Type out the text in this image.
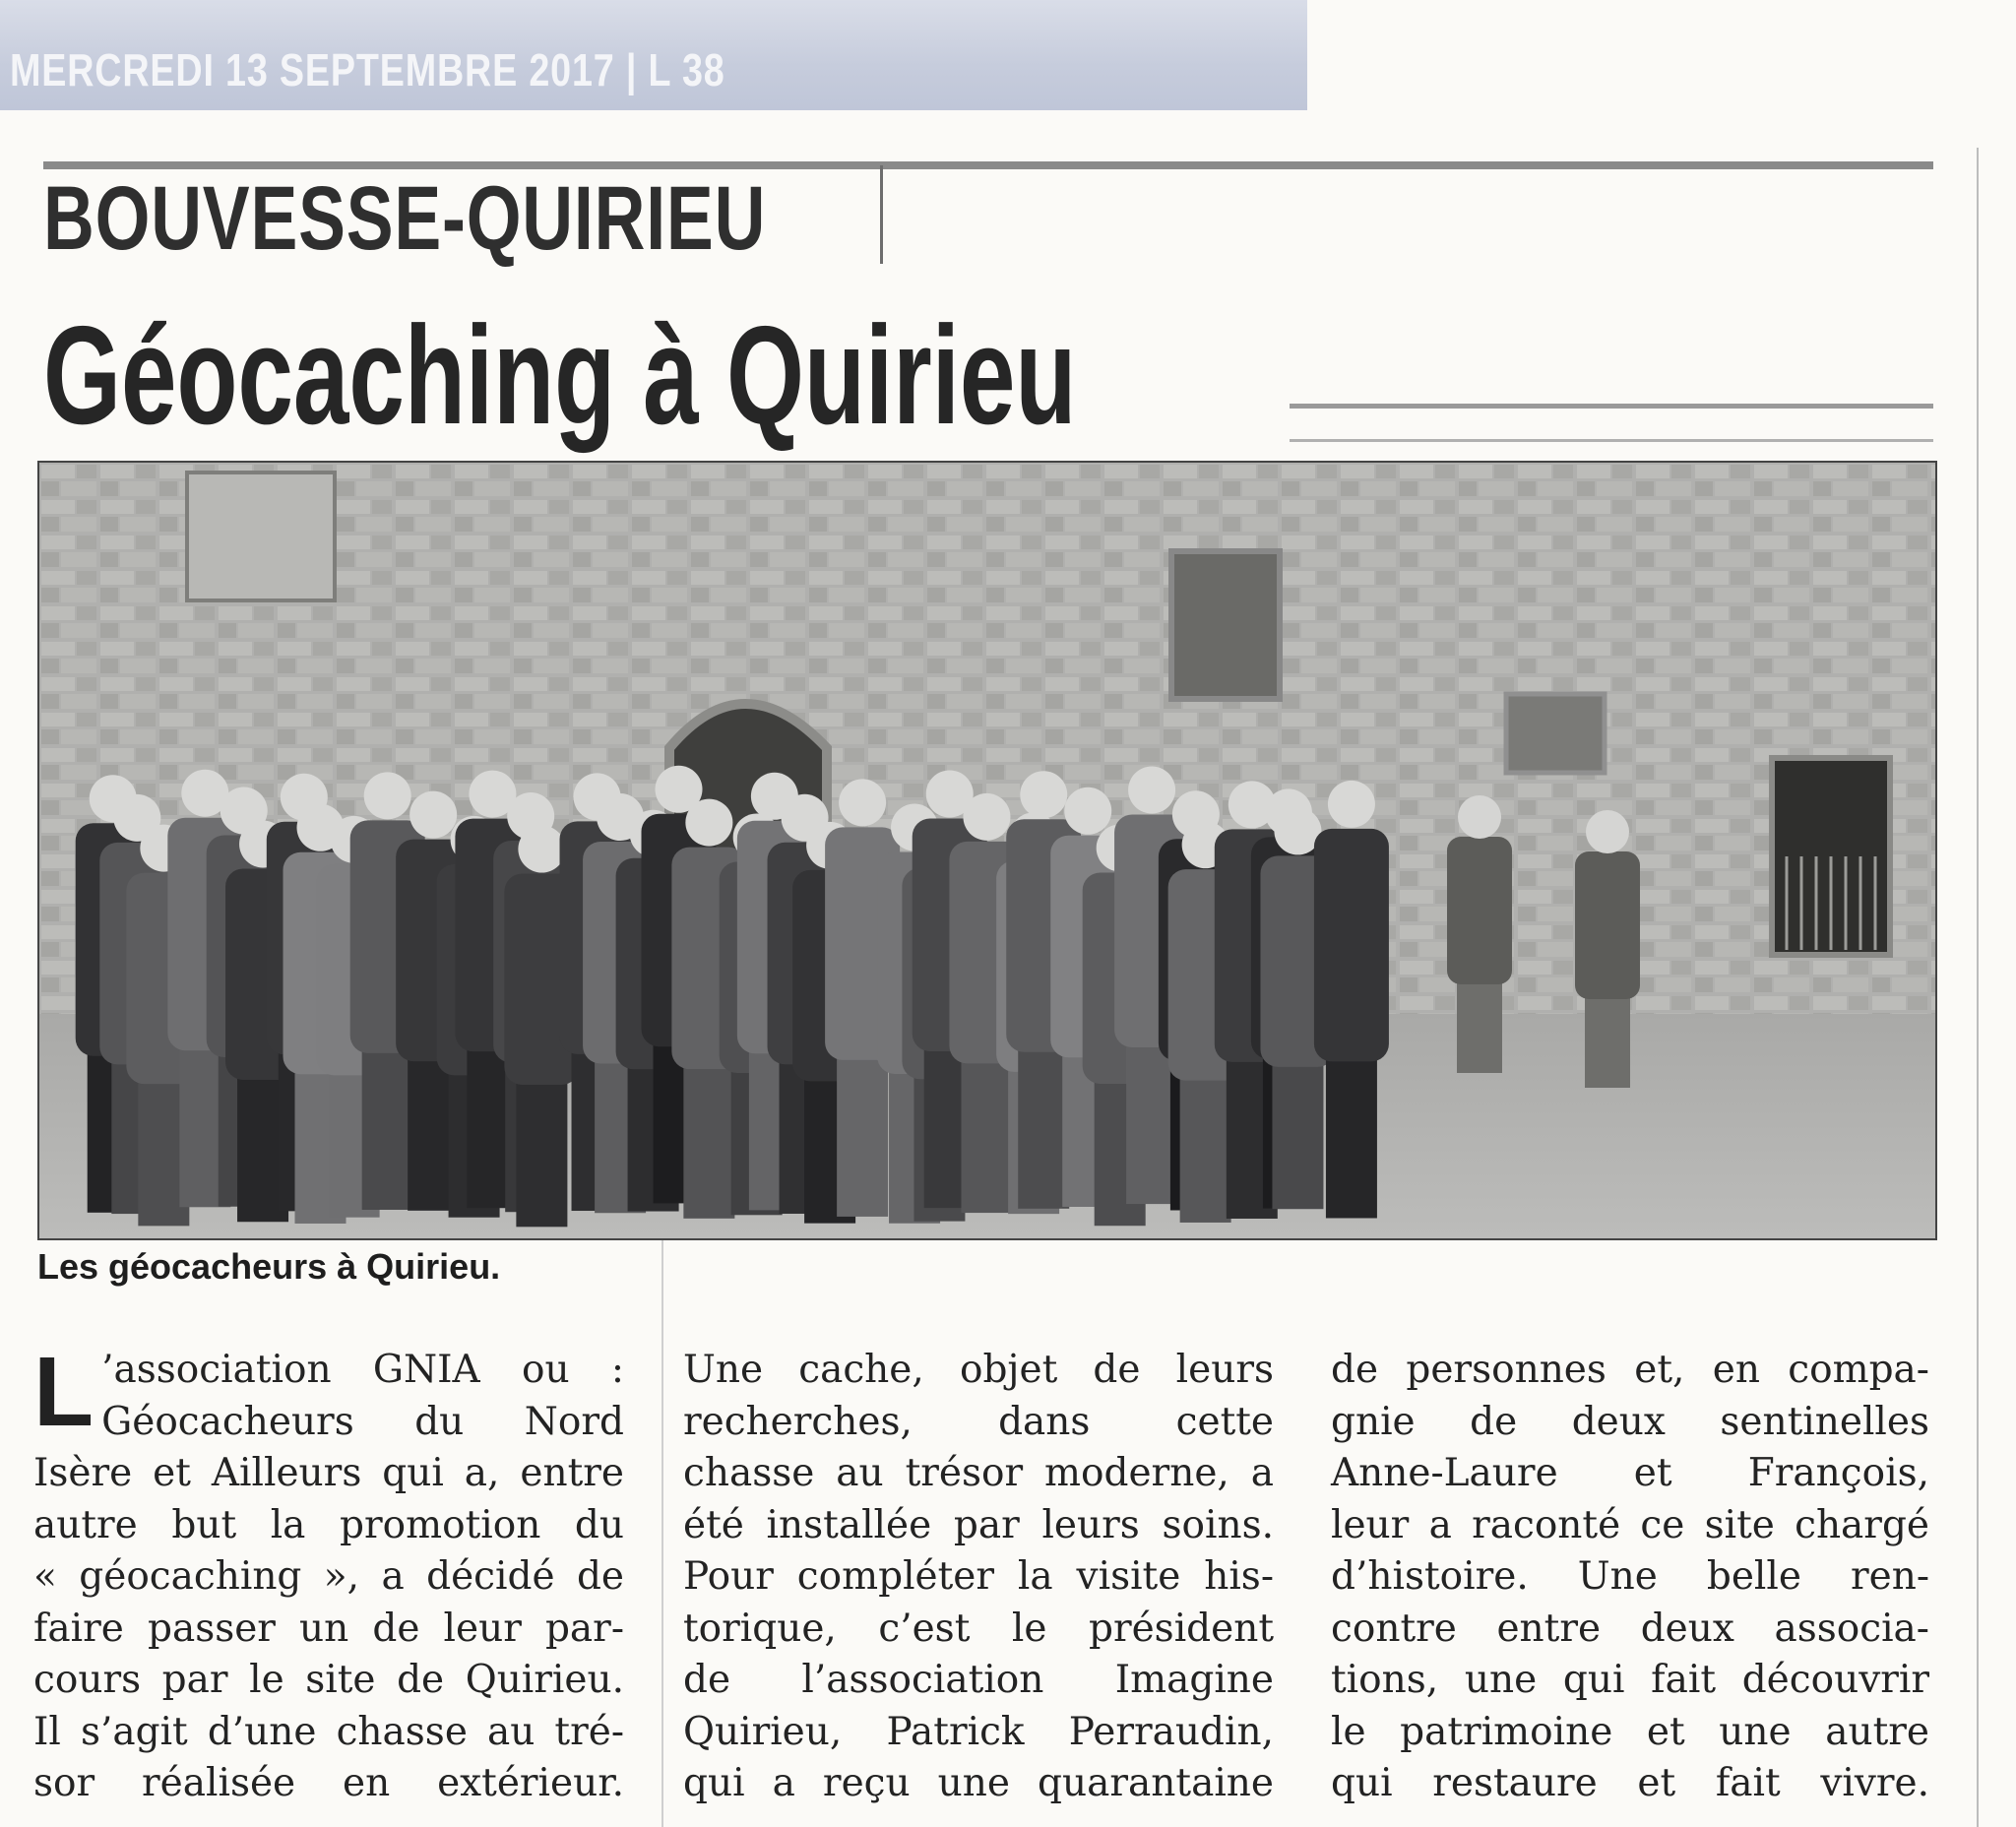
MERCREDI 13 SEPTEMBRE 2017 | L 38
BOUVESSE-QUIRIEU
Géocaching à Quirieu
Les géocacheurs à Quirieu.
L ’association GNIA ou :
Géocacheurs du Nord
Isère et Ailleurs qui a, entre
autre but la promotion du
« géocaching », a décidé de
faire passer un de leur par-
cours par le site de Quirieu.
Il s’agit d’une chasse au tré-
sor réalisée en extérieur.
Une cache, objet de leurs
recherches, dans cette
chasse au trésor moderne, a
été installée par leurs soins.
Pour compléter la visite his-
torique, c’est le président
de l’association Imagine
Quirieu, Patrick Perraudin,
qui a reçu une quarantaine
de personnes et, en compa-
gnie de deux sentinelles
Anne-Laure et François,
leur a raconté ce site chargé
d’histoire. Une belle ren-
contre entre deux associa-
tions, une qui fait découvrir
le patrimoine et une autre
qui restaure et fait vivre.
